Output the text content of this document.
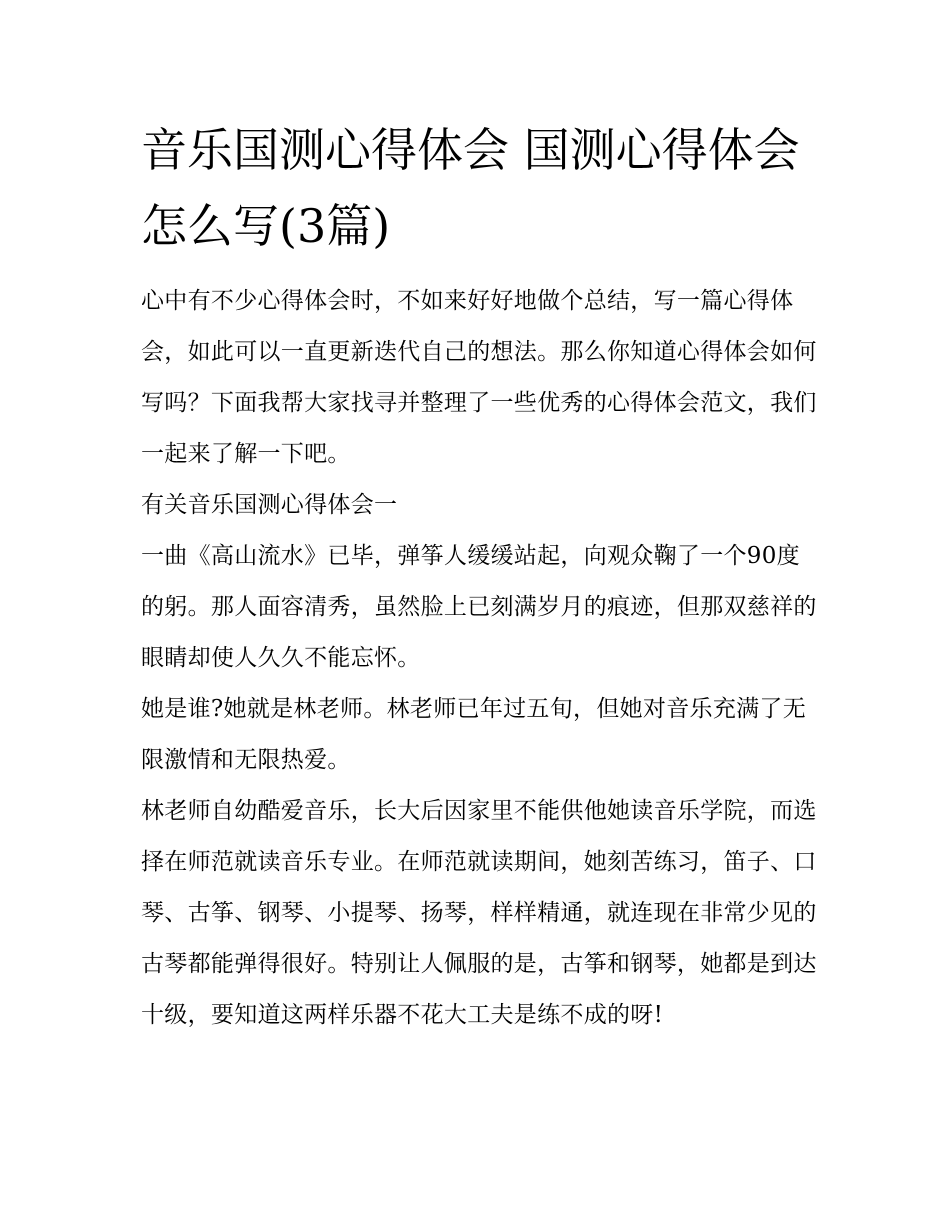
音乐国测心得体会 国测心得体会怎么写(3篇)

心中有不少心得体会时，不如来好好地做个总结，写一篇心得体会，如此可以一直更新迭代自己的想法。那么你知道心得体会如何写吗？下面我帮大家找寻并整理了一些优秀的心得体会范文，我们一起来了解一下吧。

有关音乐国测心得体会一

一曲《高山流水》已毕，弹筝人缓缓站起，向观众鞠了一个90度的躬。那人面容清秀，虽然脸上已刻满岁月的痕迹，但那双慈祥的眼睛却使人久久不能忘怀。

她是谁?她就是林老师。林老师已年过五旬，但她对音乐充满了无限激情和无限热爱。

林老师自幼酷爱音乐，长大后因家里不能供他她读音乐学院，而选择在师范就读音乐专业。在师范就读期间，她刻苦练习，笛子、口琴、古筝、钢琴、小提琴、扬琴，样样精通，就连现在非常少见的古琴都能弹得很好。特别让人佩服的是，古筝和钢琴，她都是到达十级，要知道这两样乐器不花大工夫是练不成的呀!
